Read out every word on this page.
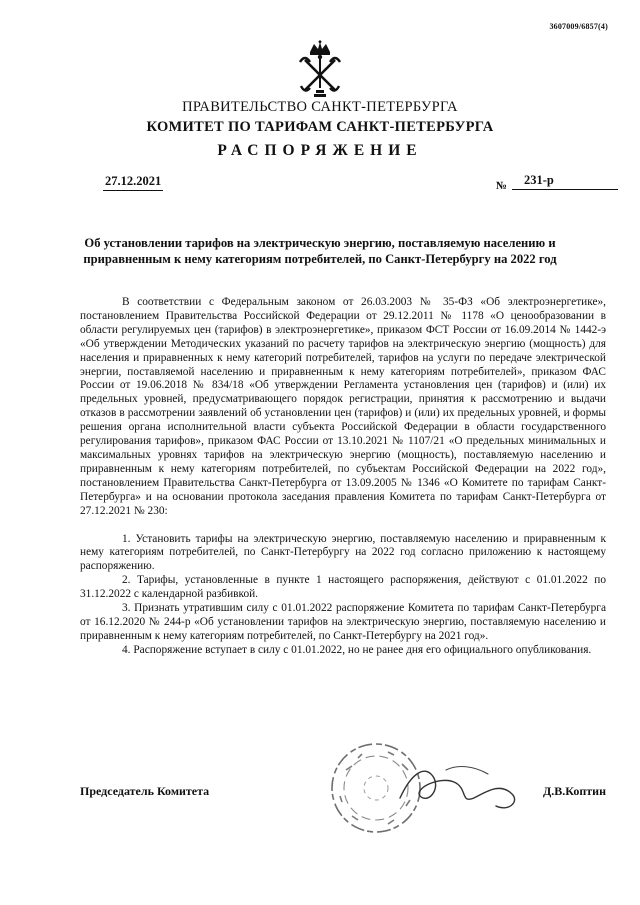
3607009/6857(4)
ПРАВИТЕЛЬСТВО САНКТ-ПЕТЕРБУРГА
КОМИТЕТ ПО ТАРИФАМ САНКТ-ПЕТЕРБУРГА
РАСПОРЯЖЕНИЕ
27.12.2021	№	231-р
Об установлении тарифов на электрическую энергию, поставляемую населению и приравненным к нему категориям потребителей, по Санкт-Петербургу на 2022 год

В соответствии с Федеральным законом от 26.03.2003 № 35-ФЗ «Об электроэнергетике», постановлением Правительства Российской Федерации от 29.12.2011 № 1178 «О ценообразовании в области регулируемых цен (тарифов) в электроэнергетике», приказом ФСТ России от 16.09.2014 № 1442-э «Об утверждении Методических указаний по расчету тарифов на электрическую энергию (мощность) для населения и приравненных к нему категорий потребителей, тарифов на услуги по передаче электрической энергии, поставляемой населению и приравненным к нему категориям потребителей», приказом ФАС России от 19.06.2018 № 834/18 «Об утверждении Регламента установления цен (тарифов) и (или) их предельных уровней, предусматривающего порядок регистрации, принятия к рассмотрению и выдачи отказов в рассмотрении заявлений об установлении цен (тарифов) и (или) их предельных уровней, и формы решения органа исполнительной власти субъекта Российской Федерации в области государственного регулирования тарифов», приказом ФАС России от 13.10.2021 № 1107/21 «О предельных минимальных и максимальных уровнях тарифов на электрическую энергию (мощность), поставляемую населению и приравненным к нему категориям потребителей, по субъектам Российской Федерации на 2022 год», постановлением Правительства Санкт-Петербурга от 13.09.2005 № 1346 «О Комитете по тарифам Санкт-Петербурга» и на основании протокола заседания правления Комитета по тарифам Санкт-Петербурга от 27.12.2021 № 230:

1. Установить тарифы на электрическую энергию, поставляемую населению и приравненным к нему категориям потребителей, по Санкт-Петербургу на 2022 год согласно приложению к настоящему распоряжению.

2. Тарифы, установленные в пункте 1 настоящего распоряжения, действуют с 01.01.2022 по 31.12.2022 с календарной разбивкой.

3. Признать утратившим силу с 01.01.2022 распоряжение Комитета по тарифам Санкт-Петербурга от 16.12.2020 № 244-р «Об установлении тарифов на электрическую энергию, поставляемую населению и приравненным к нему категориям потребителей, по Санкт-Петербургу на 2021 год».

4. Распоряжение вступает в силу с 01.01.2022, но не ранее дня его официального опубликования.

Председатель Комитета	Д.В.Коптин
